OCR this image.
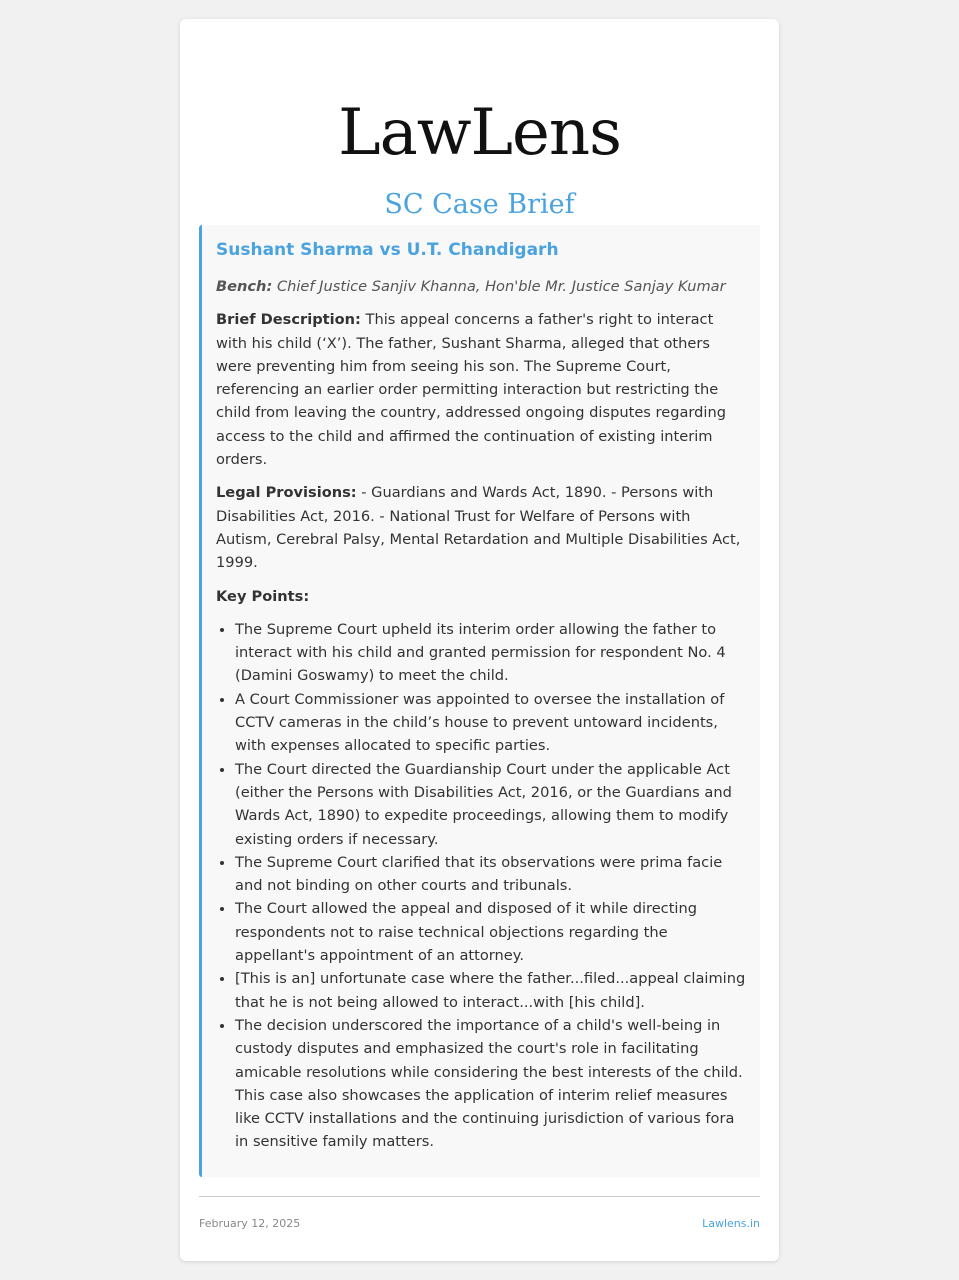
LawLens
SC Case Brief
Sushant Sharma vs U.T. Chandigarh

Bench: Chief Justice Sanjiv Khanna, Hon'ble Mr. Justice Sanjay Kumar

Brief Description: This appeal concerns a father's right to interact with his child (‘X’). The father, Sushant Sharma, alleged that others were preventing him from seeing his son. The Supreme Court, referencing an earlier order permitting interaction but restricting the child from leaving the country, addressed ongoing disputes regarding access to the child and affirmed the continuation of existing interim orders.

Legal Provisions: - Guardians and Wards Act, 1890. - Persons with Disabilities Act, 2016. - National Trust for Welfare of Persons with Autism, Cerebral Palsy, Mental Retardation and Multiple Disabilities Act, 1999.

Key Points:

• The Supreme Court upheld its interim order allowing the father to interact with his child and granted permission for respondent No. 4 (Damini Goswamy) to meet the child.
• A Court Commissioner was appointed to oversee the installation of CCTV cameras in the child’s house to prevent untoward incidents, with expenses allocated to specific parties.
• The Court directed the Guardianship Court under the applicable Act (either the Persons with Disabilities Act, 2016, or the Guardians and Wards Act, 1890) to expedite proceedings, allowing them to modify existing orders if necessary.
• The Supreme Court clarified that its observations were prima facie and not binding on other courts and tribunals.
• The Court allowed the appeal and disposed of it while directing respondents not to raise technical objections regarding the appellant's appointment of an attorney.
• [This is an] unfortunate case where the father...filed...appeal claiming that he is not being allowed to interact...with [his child].
• The decision underscored the importance of a child's well-being in custody disputes and emphasized the court's role in facilitating amicable resolutions while considering the best interests of the child. This case also showcases the application of interim relief measures like CCTV installations and the continuing jurisdiction of various fora in sensitive family matters.
February 12, 2025	Lawlens.in
